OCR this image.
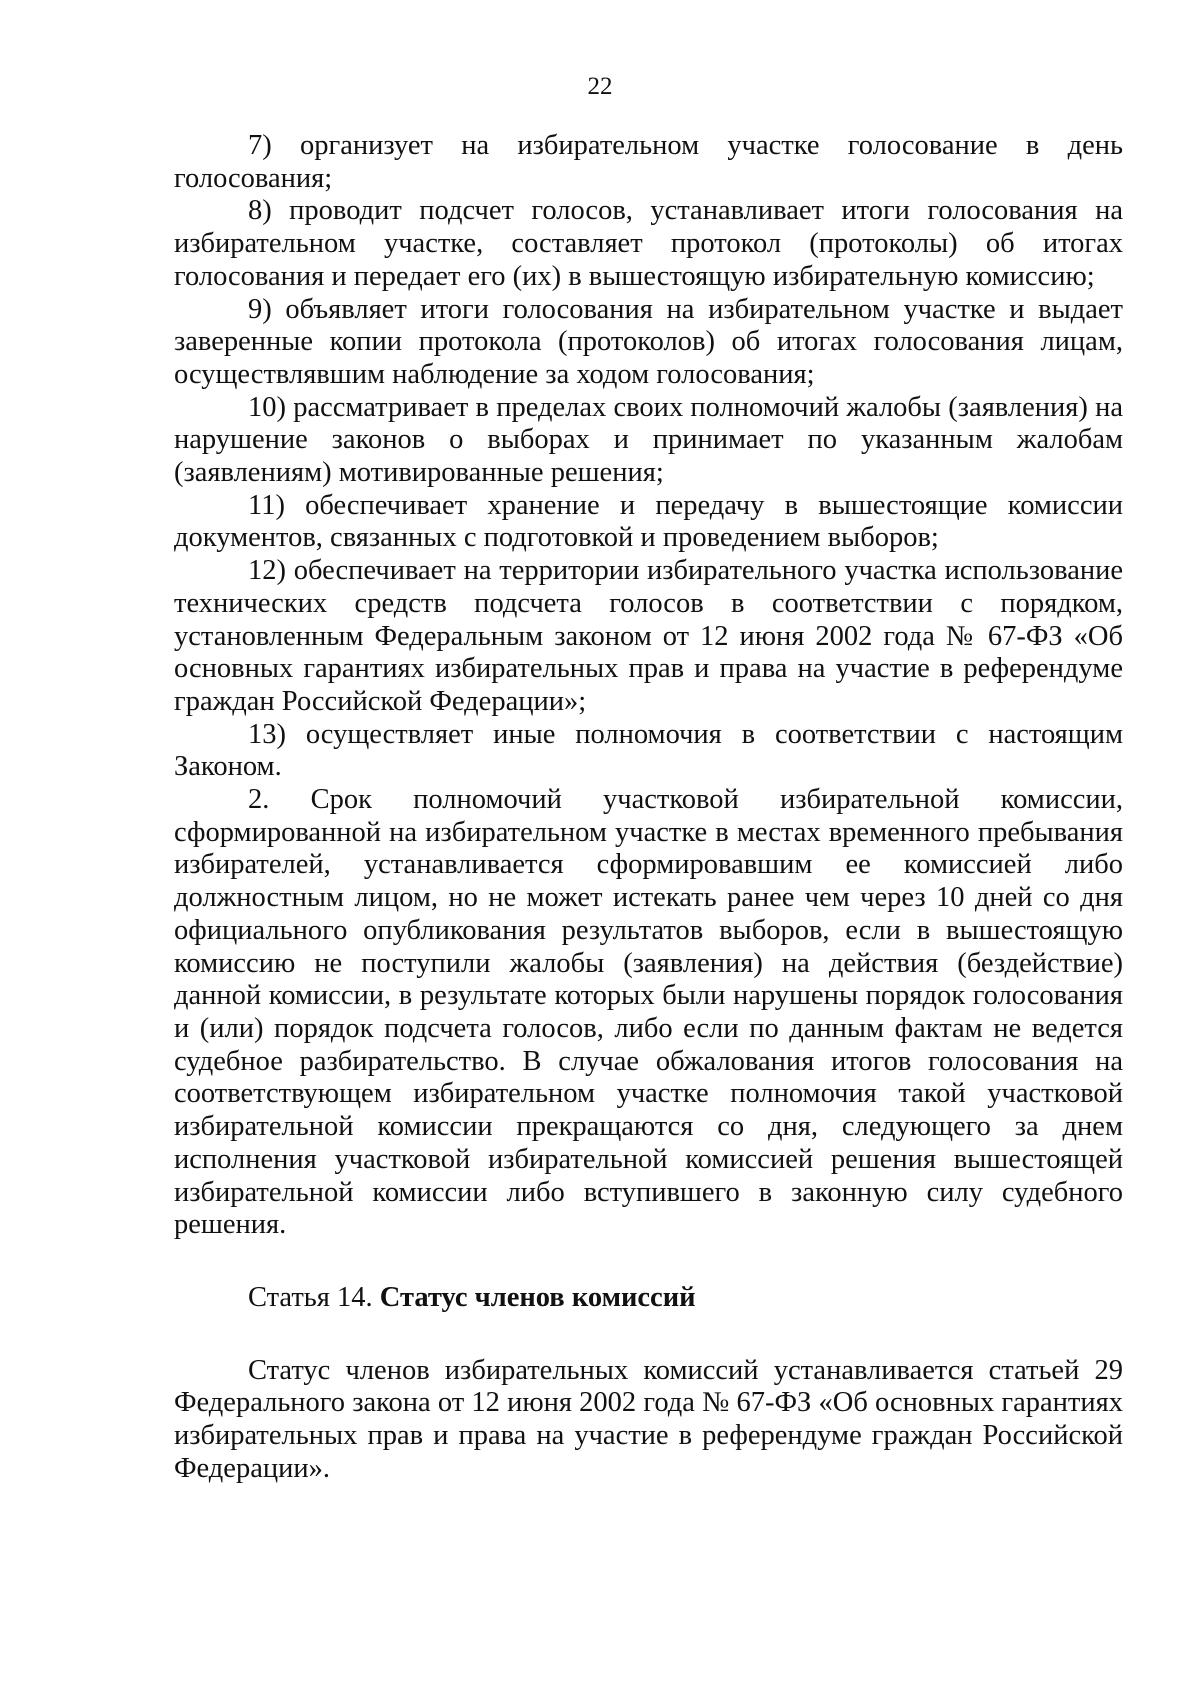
22

7) организует на избирательном участке голосование в день голосования;

8) проводит подсчет голосов, устанавливает итоги голосования на избирательном участке, составляет протокол (протоколы) об итогах голосования и передает его (их) в вышестоящую избирательную комиссию;

9) объявляет итоги голосования на избирательном участке и выдает заверенные копии протокола (протоколов) об итогах голосования лицам, осуществлявшим наблюдение за ходом голосования;

10) рассматривает в пределах своих полномочий жалобы (заявления) на нарушение законов о выборах и принимает по указанным жалобам (заявлениям) мотивированные решения;

11) обеспечивает хранение и передачу в вышестоящие комиссии документов, связанных с подготовкой и проведением выборов;

12) обеспечивает на территории избирательного участка использование технических средств подсчета голосов в соответствии с порядком, установленным Федеральным законом от 12 июня 2002 года № 67-ФЗ «Об основных гарантиях избирательных прав и права на участие в референдуме граждан Российской Федерации»;

13) осуществляет иные полномочия в соответствии с настоящим Законом.

2. Срок полномочий участковой избирательной комиссии, сформированной на избирательном участке в местах временного пребывания избирателей, устанавливается сформировавшим ее комиссией либо должностным лицом, но не может истекать ранее чем через 10 дней со дня официального опубликования результатов выборов, если в вышестоящую комиссию не поступили жалобы (заявления) на действия (бездействие) данной комиссии, в результате которых были нарушены порядок голосования и (или) порядок подсчета голосов, либо если по данным фактам не ведется судебное разбирательство. В случае обжалования итогов голосования на соответствующем избирательном участке полномочия такой участковой избирательной комиссии прекращаются со дня, следующего за днем исполнения участковой избирательной комиссией решения вышестоящей избирательной комиссии либо вступившего в законную силу судебного решения.

Статья 14. Статус членов комиссий

Статус членов избирательных комиссий устанавливается статьей 29 Федерального закона от 12 июня 2002 года № 67-ФЗ «Об основных гарантиях избирательных прав и права на участие в референдуме граждан Российской Федерации».
